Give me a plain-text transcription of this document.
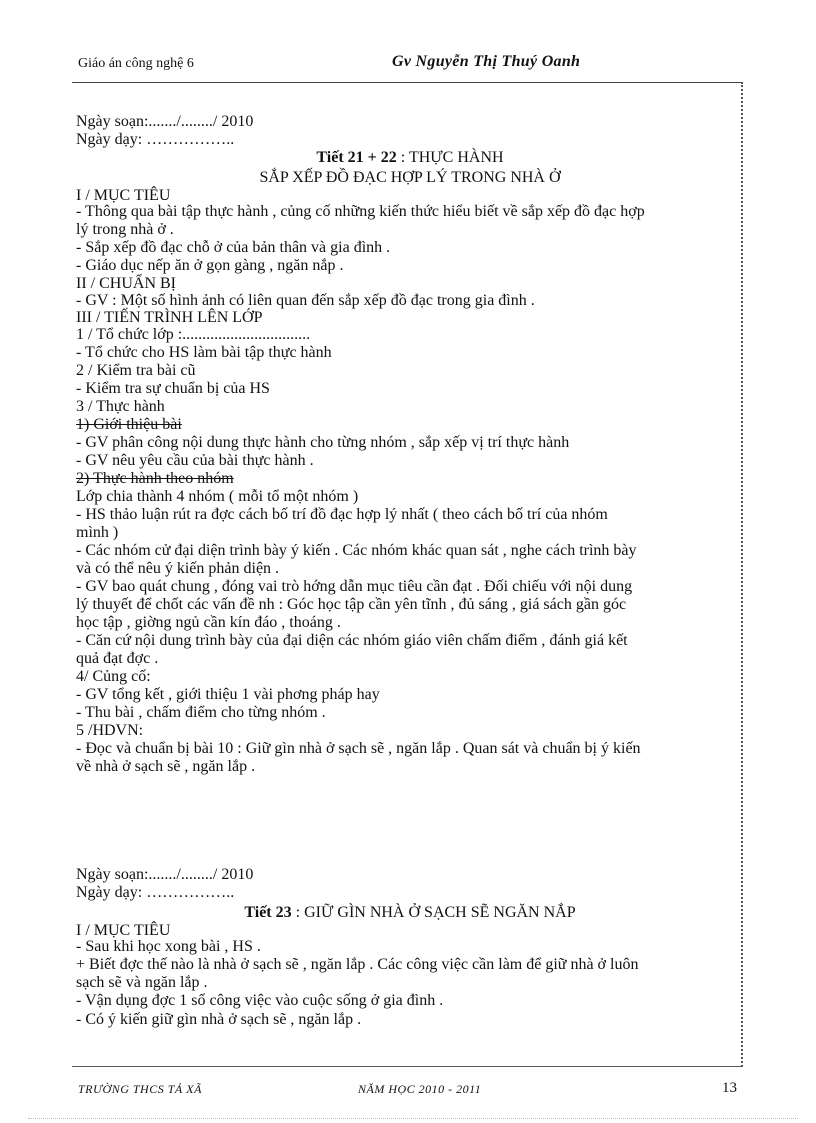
Giáo án công nghệ 6	Gv Nguyễn Thị Thuý Oanh
Ngày soạn:......./......../ 2010
Ngày dạy: ……………..
Tiết 21 + 22 : THỰC HÀNH
SẮP XẾP ĐỒ ĐẠC HỢP LÝ TRONG NHÀ Ở
I / MỤC TIÊU
- Thông qua bài tập thực hành , củng cố những kiến thức hiểu biết về sắp xếp đồ đạc hợp
lý trong nhà ở .
- Sắp xếp đồ đạc chỗ ở của bản thân và gia đình .
- Giáo dục nếp ăn ở gọn gàng , ngăn nắp .
II / CHUẨN BỊ
- GV : Một số hình ảnh có liên quan đến sắp xếp đồ đạc trong gia đình .
III / TIẾN TRÌNH LÊN LỚP
1 / Tổ chức lớp :................................
- Tổ chức cho HS làm bài tập thực hành
2 / Kiểm tra bài cũ
- Kiểm tra sự chuẩn bị của HS
3 / Thực hành
1) Giới thiệu bài
- GV phân công nội dung thực hành cho từng nhóm , sắp xếp vị trí thực hành
- GV nêu yêu cầu của bài thực hành .
2) Thực hành theo nhóm
Lớp chia thành 4 nhóm ( mỗi tổ một nhóm )
- HS thảo luận rút ra đợc cách bố trí đồ đạc hợp lý nhất ( theo cách bố trí của nhóm
mình )
- Các nhóm cử đại diện trình bày ý kiến . Các nhóm khác quan sát , nghe cách trình bày
và có thể nêu ý kiến phản diện .
- GV bao quát chung , đóng vai trò hớng dẫn mục tiêu cần đạt . Đối chiếu với nội dung
lý thuyết để chốt các vấn đề nh : Góc học tập cần yên tĩnh , đủ sáng , giá sách gần góc
học tập , giờng ngủ cần kín đáo , thoáng .
- Căn cứ nội dung trình bày của đại diện các nhóm giáo viên chấm điểm , đánh giá kết
quả đạt đợc .
4/ Củng cố:
- GV tổng kết , giới thiệu 1 vài phơng pháp hay
- Thu bài , chấm điểm cho từng nhóm .
5 /HDVN:
- Đọc và chuẩn bị bài 10 : Giữ gìn nhà ở sạch sẽ , ngăn lắp . Quan sát và chuẩn bị ý kiến
về nhà ở sạch sẽ , ngăn lắp .
Ngày soạn:......./......../ 2010
Ngày dạy: ……………..
Tiết 23 : GIỮ GÌN NHÀ Ở SẠCH SẼ NGĂN NẮP
I / MỤC TIÊU
- Sau khi học xong bài , HS .
+ Biết đợc thế nào là nhà ở sạch sẽ , ngăn lắp . Các công việc cần làm để giữ nhà ở luôn
sạch sẽ và ngăn lắp .
- Vận dụng đợc 1 số công việc vào cuộc sống ở gia đình .
- Có ý kiến giữ gìn nhà ở sạch sẽ , ngăn lắp .
TRƯỜNG THCS TẢ XÃ	NĂM HỌC 2010 - 2011	13
